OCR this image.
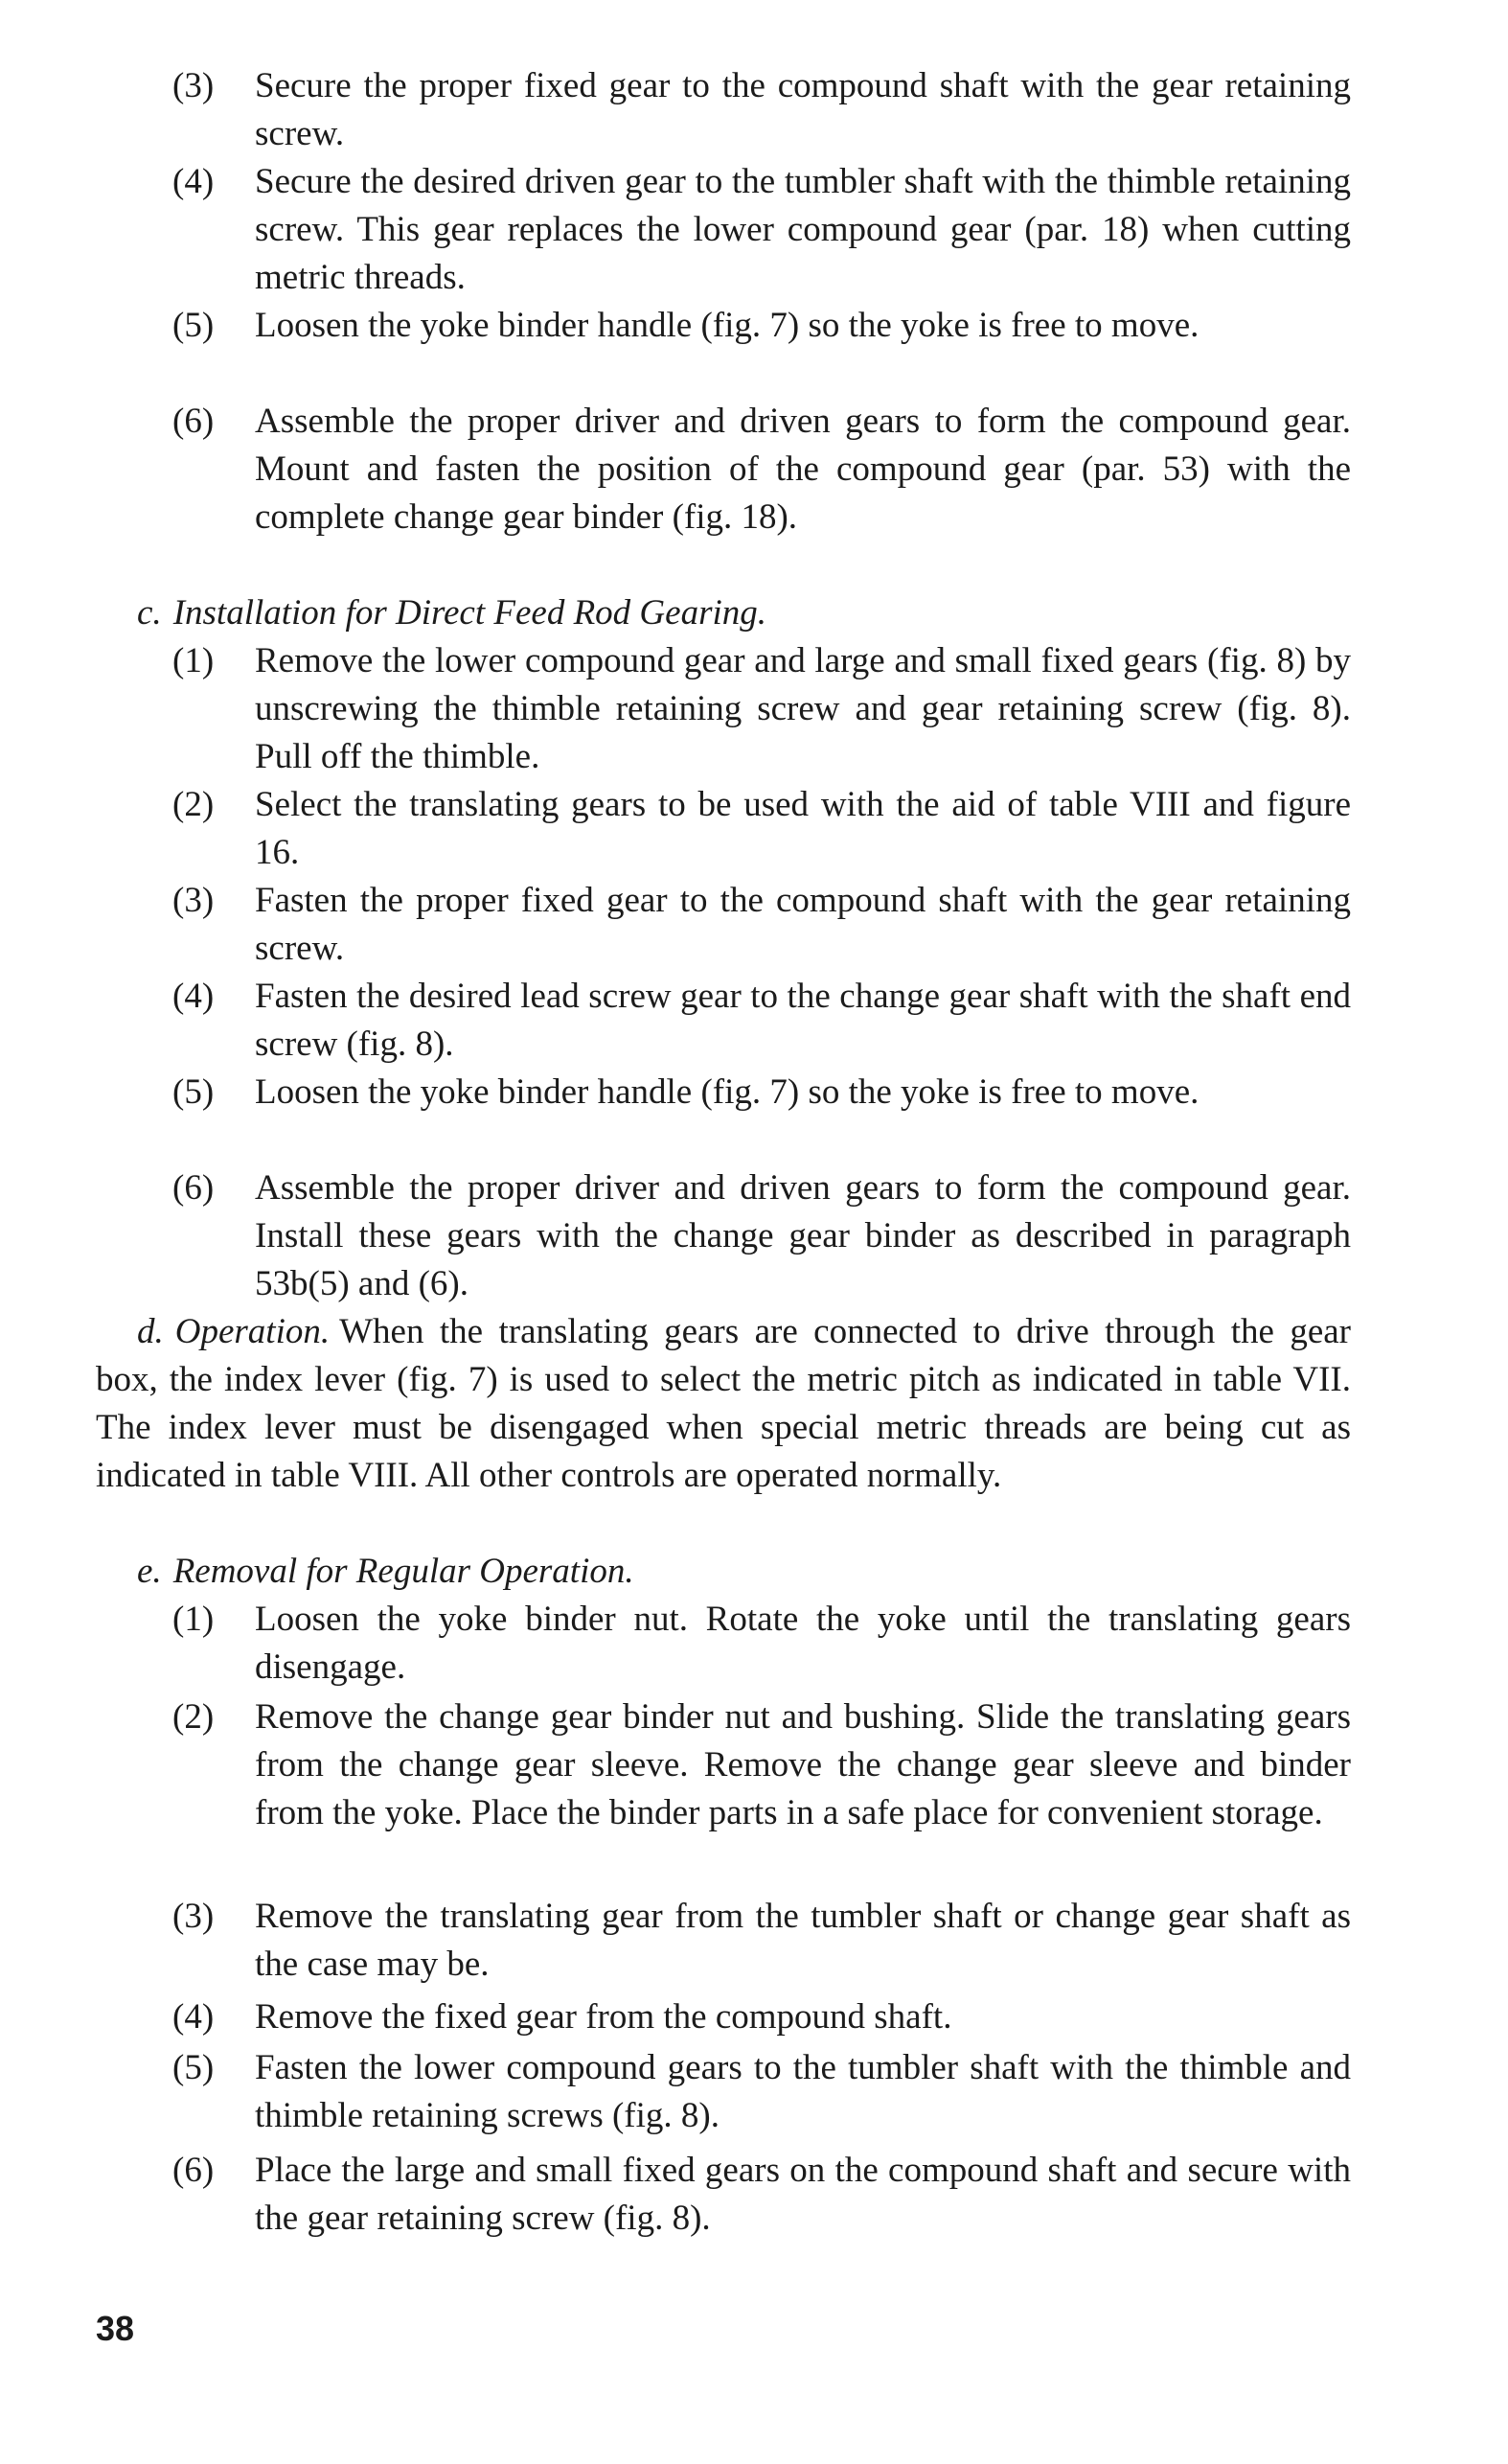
(3) Secure the proper fixed gear to the compound shaft with the gear retaining screw.
(4) Secure the desired driven gear to the tumbler shaft with the thimble retaining screw. This gear replaces the lower compound gear (par. 18) when cutting metric threads.
(5) Loosen the yoke binder handle (fig. 7) so the yoke is free to move.
(6) Assemble the proper driver and driven gears to form the compound gear. Mount and fasten the position of the compound gear (par. 53) with the complete change gear binder (fig. 18).
c. Installation for Direct Feed Rod Gearing.
(1) Remove the lower compound gear and large and small fixed gears (fig. 8) by unscrewing the thimble retaining screw and gear retaining screw (fig. 8). Pull off the thimble.
(2) Select the translating gears to be used with the aid of table VIII and figure 16.
(3) Fasten the proper fixed gear to the compound shaft with the gear retaining screw.
(4) Fasten the desired lead screw gear to the change gear shaft with the shaft end screw (fig. 8).
(5) Loosen the yoke binder handle (fig. 7) so the yoke is free to move.
(6) Assemble the proper driver and driven gears to form the compound gear. Install these gears with the change gear binder as described in paragraph 53b(5) and (6).
d. Operation. When the translating gears are connected to drive through the gear box, the index lever (fig. 7) is used to select the metric pitch as indicated in table VII. The index lever must be disengaged when special metric threads are being cut as indicated in table VIII. All other controls are operated normally.
e. Removal for Regular Operation.
(1) Loosen the yoke binder nut. Rotate the yoke until the translating gears disengage.
(2) Remove the change gear binder nut and bushing. Slide the translating gears from the change gear sleeve. Remove the change gear sleeve and binder from the yoke. Place the binder parts in a safe place for convenient storage.
(3) Remove the translating gear from the tumbler shaft or change gear shaft as the case may be.
(4) Remove the fixed gear from the compound shaft.
(5) Fasten the lower compound gears to the tumbler shaft with the thimble and thimble retaining screws (fig. 8).
(6) Place the large and small fixed gears on the compound shaft and secure with the gear retaining screw (fig. 8).
38
